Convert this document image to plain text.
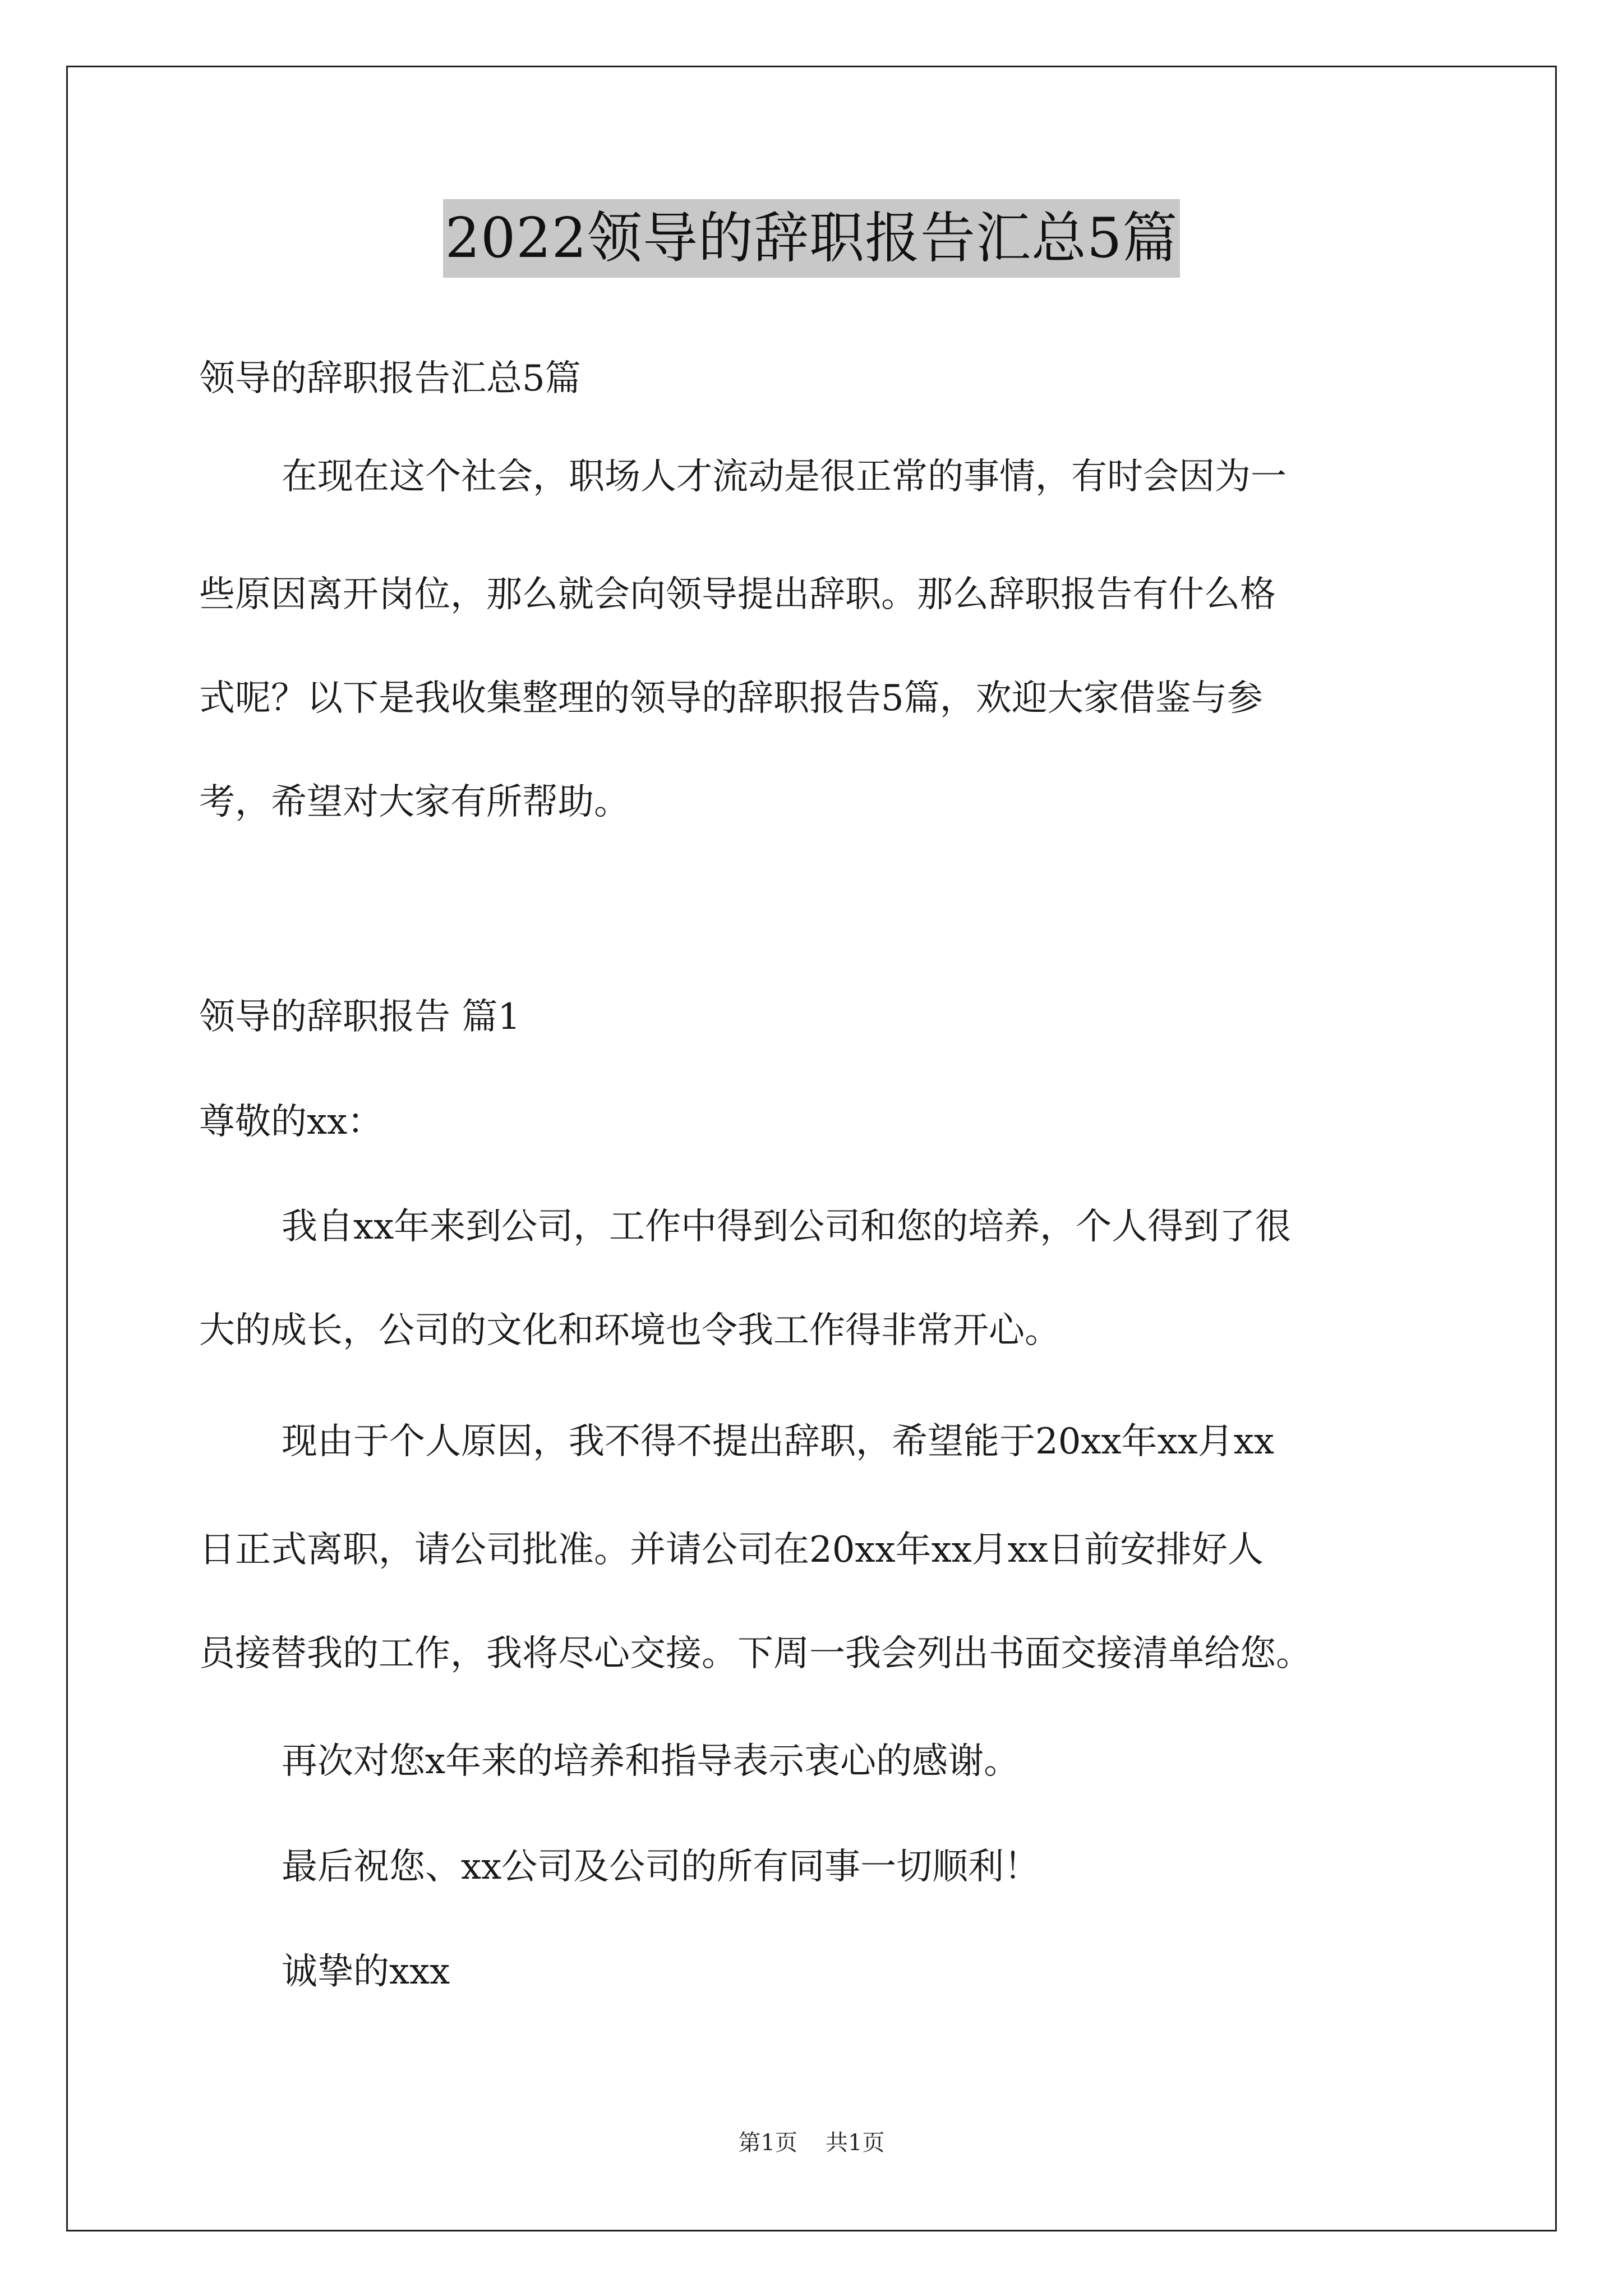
2022领导的辞职报告汇总5篇
领导的辞职报告汇总5篇
在现在这个社会，职场人才流动是很正常的事情，有时会因为一
些原因离开岗位，那么就会向领导提出辞职。那么辞职报告有什么格
式呢？以下是我收集整理的领导的辞职报告5篇，欢迎大家借鉴与参
考，希望对大家有所帮助。
领导的辞职报告 篇1
尊敬的xx：
我自xx年来到公司，工作中得到公司和您的培养，个人得到了很
大的成长，公司的文化和环境也令我工作得非常开心。
现由于个人原因，我不得不提出辞职，希望能于20xx年xx月xx
日正式离职，请公司批准。并请公司在20xx年xx月xx日前安排好人
员接替我的工作，我将尽心交接。下周一我会列出书面交接清单给您。
再次对您x年来的培养和指导表示衷心的感谢。
最后祝您、xx公司及公司的所有同事一切顺利！
诚挚的xxx
第1页 共1页
